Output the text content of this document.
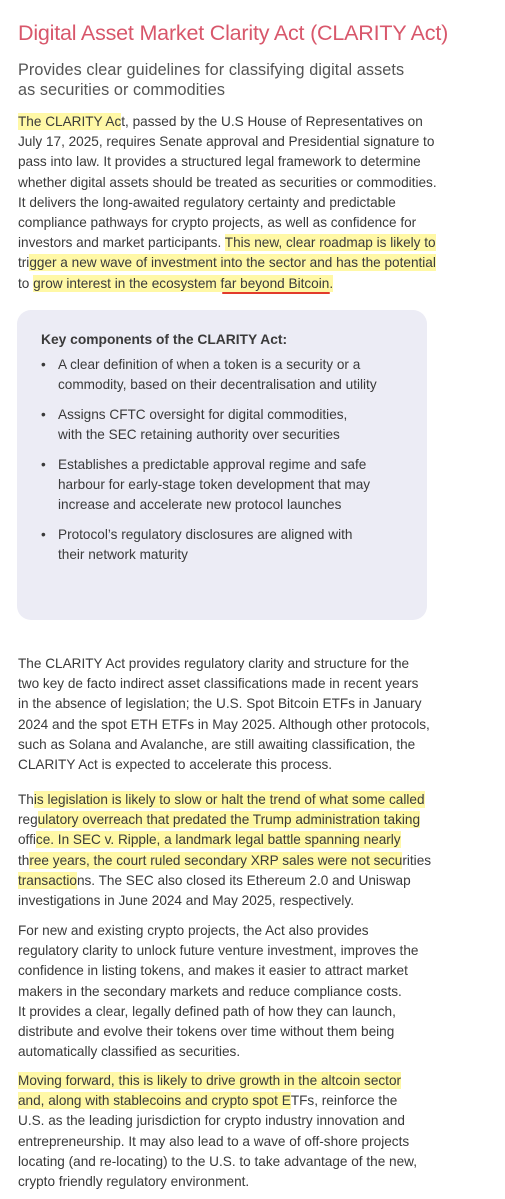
Digital Asset Market Clarity Act (CLARITY Act)
Provides clear guidelines for classifying digital assets
as securities or commodities

The CLARITY Act, passed by the U.S House of Representatives on
July 17, 2025, requires Senate approval and Presidential signature to
pass into law. It provides a structured legal framework to determine
whether digital assets should be treated as securities or commodities.
It delivers the long-awaited regulatory certainty and predictable
compliance pathways for crypto projects, as well as confidence for
investors and market participants. This new, clear roadmap is likely to
trigger a new wave of investment into the sector and has the potential
to grow interest in the ecosystem far beyond Bitcoin.

Key components of the CLARITY Act:
• A clear definition of when a token is a security or a
commodity, based on their decentralisation and utility
• Assigns CFTC oversight for digital commodities,
with the SEC retaining authority over securities
• Establishes a predictable approval regime and safe
harbour for early-stage token development that may
increase and accelerate new protocol launches
• Protocol’s regulatory disclosures are aligned with
their network maturity

The CLARITY Act provides regulatory clarity and structure for the
two key de facto indirect asset classifications made in recent years
in the absence of legislation; the U.S. Spot Bitcoin ETFs in January
2024 and the spot ETH ETFs in May 2025. Although other protocols,
such as Solana and Avalanche, are still awaiting classification, the
CLARITY Act is expected to accelerate this process.

This legislation is likely to slow or halt the trend of what some called
regulatory overreach that predated the Trump administration taking
office. In SEC v. Ripple, a landmark legal battle spanning nearly
three years, the court ruled secondary XRP sales were not securities
transactions. The SEC also closed its Ethereum 2.0 and Uniswap
investigations in June 2024 and May 2025, respectively.

For new and existing crypto projects, the Act also provides
regulatory clarity to unlock future venture investment, improves the
confidence in listing tokens, and makes it easier to attract market
makers in the secondary markets and reduce compliance costs.
It provides a clear, legally defined path of how they can launch,
distribute and evolve their tokens over time without them being
automatically classified as securities.

Moving forward, this is likely to drive growth in the altcoin sector
and, along with stablecoins and crypto spot ETFs, reinforce the
U.S. as the leading jurisdiction for crypto industry innovation and
entrepreneurship. It may also lead to a wave of off-shore projects
locating (and re-locating) to the U.S. to take advantage of the new,
crypto friendly regulatory environment.
